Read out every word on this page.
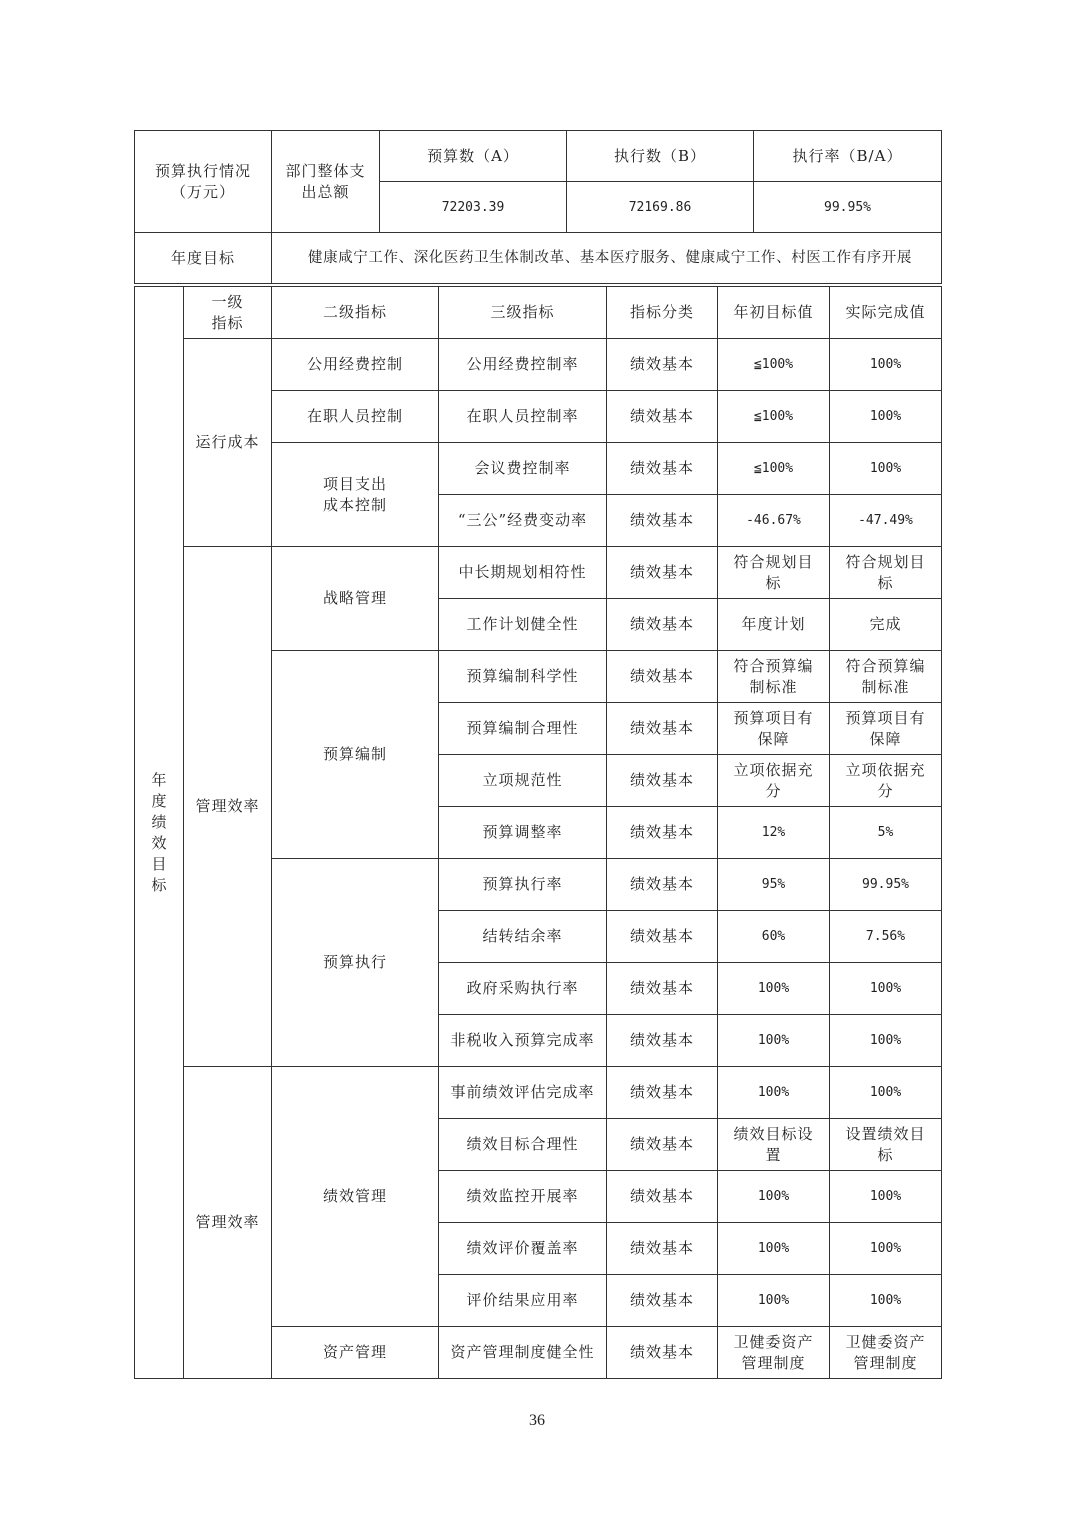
预算执行情况（万元）	部门整体支出总额	预算数（A）	执行数（B）	执行率（B/A）
		72203.39	72169.86	99.95%
年度目标	健康咸宁工作、深化医药卫生体制改革、基本医疗服务、健康咸宁工作、村医工作有序开展			
年度绩效目标	一级指标	二级指标	三级指标	指标分类	年初目标值	实际完成值
	运行成本	公用经费控制	公用经费控制率	绩效基本	≦100%	100%
		在职人员控制	在职人员控制率	绩效基本	≦100%	100%
		项目支出成本控制	会议费控制率	绩效基本	≦100%	100%
			“三公”经费变动率	绩效基本	-46.67%	-47.49%
	管理效率	战略管理	中长期规划相符性	绩效基本	符合规划目标	符合规划目标
			工作计划健全性	绩效基本	年度计划	完成
		预算编制	预算编制科学性	绩效基本	符合预算编制标准	符合预算编制标准
			预算编制合理性	绩效基本	预算项目有保障	预算项目有保障
			立项规范性	绩效基本	立项依据充分	立项依据充分
			预算调整率	绩效基本	12%	5%
		预算执行	预算执行率	绩效基本	95%	99.95%
			结转结余率	绩效基本	60%	7.56%
			政府采购执行率	绩效基本	100%	100%
			非税收入预算完成率	绩效基本	100%	100%
	管理效率	绩效管理	事前绩效评估完成率	绩效基本	100%	100%
			绩效目标合理性	绩效基本	绩效目标设置	设置绩效目标
			绩效监控开展率	绩效基本	100%	100%
			绩效评价覆盖率	绩效基本	100%	100%
			评价结果应用率	绩效基本	100%	100%
		资产管理	资产管理制度健全性	绩效基本	卫健委资产管理制度	卫健委资产管理制度
36
